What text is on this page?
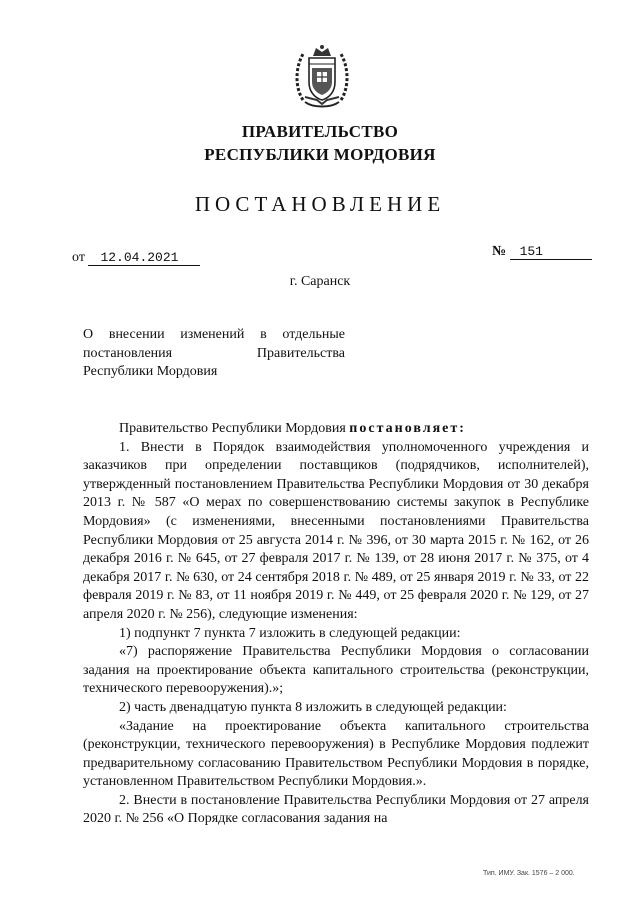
ПРАВИТЕЛЬСТВО
РЕСПУБЛИКИ МОРДОВИЯ
ПОСТАНОВЛЕНИЕ
от 12.04.2021	№ 151
г. Саранск
О внесении изменений в отдельные
постановления	Правительства
Республики Мордовия

Правительство Республики Мордовия постановляет:

1. Внести в Порядок взаимодействия уполномоченного учреждения и заказчиков при определении поставщиков (подрядчиков, исполнителей), утвержденный постановлением Правительства Республики Мордовия от 30 декабря 2013 г. № 587 «О мерах по совершенствованию системы закупок в Республике Мордовия» (с изменениями, внесенными постановлениями Правительства Республики Мордовия от 25 августа 2014 г. № 396, от 30 марта 2015 г. № 162, от 26 декабря 2016 г. № 645, от 27 февраля 2017 г. № 139, от 28 июня 2017 г. № 375, от 4 декабря 2017 г. № 630, от 24 сентября 2018 г. № 489, от 25 января 2019 г. № 33, от 22 февраля 2019 г. № 83, от 11 ноября 2019 г. № 449, от 25 февраля 2020 г. № 129, от 27 апреля 2020 г. № 256), следующие изменения:

1) подпункт 7 пункта 7 изложить в следующей редакции:

«7) распоряжение Правительства Республики Мордовия о согласовании задания на проектирование объекта капитального строительства (реконструкции, технического перевооружения).»;

2) часть двенадцатую пункта 8 изложить в следующей редакции:

«Задание на проектирование объекта капитального строительства (реконструкции, технического перевооружения) в Республике Мордовия подлежит предварительному согласованию Правительством Республики Мордовия в порядке, установленном Правительством Республики Мордовия.».

2. Внести в постановление Правительства Республики Мордовия от 27 апреля 2020 г. № 256 «О Порядке согласования задания на

Тип. ИМУ. Зак. 1576 – 2 000.
